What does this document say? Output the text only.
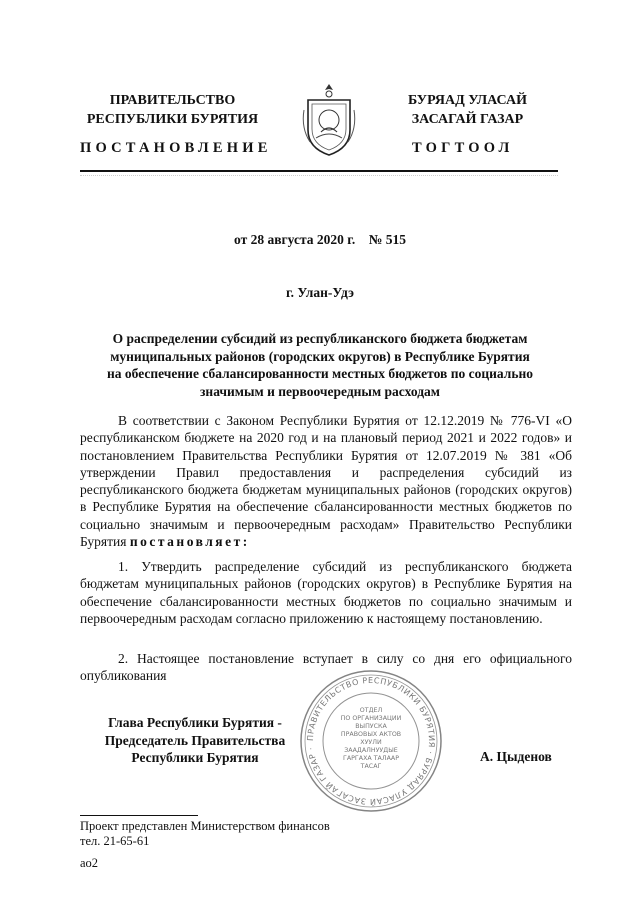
ПРАВИТЕЛЬСТВО
РЕСПУБЛИКИ БУРЯТИЯ
БУРЯАД УЛАСАЙ
ЗАСАГАЙ ГАЗАР
ПОСТАНОВЛЕНИЕ	ТОГТООЛ
от 28 августа 2020 г.    № 515
г. Улан-Удэ
О распределении субсидий из республиканского бюджета бюджетам муниципальных районов (городских округов) в Республике Бурятия на обеспечение сбалансированности местных бюджетов по социально значимым и первоочередным расходам
В соответствии с Законом Республики Бурятия от 12.12.2019 № 776-VI «О республиканском бюджете на 2020 год и на плановый период 2021 и 2022 годов» и постановлением Правительства Республики Бурятия от 12.07.2019 № 381 «Об утверждении Правил предоставления и распределения субсидий из республиканского бюджета бюджетам муниципальных районов (городских округов) в Республике Бурятия на обеспечение сбалансированности местных бюджетов по социально значимым и первоочередным расходам» Правительство Республики Бурятия постановляет:
1. Утвердить распределение субсидий из республиканского бюджета бюджетам муниципальных районов (городских округов) в Республике Бурятия на обеспечение сбалансированности местных бюджетов по социально значимым и первоочередным расходам согласно приложению к настоящему постановлению.
2. Настоящее постановление вступает в силу со дня его официального опубликования
Глава Республики Бурятия -
Председатель Правительства
Республики Бурятия	А. Цыденов
ПРАВИТЕЛЬСТВО РЕСПУБЛИКИ БУРЯТИЯ · БУРЯАД УЛАСАЙ ЗАСАГАЙ ГАЗАР ·
ОТДЕЛ
ПО ОРГАНИЗАЦИИ
ВЫПУСКА
ПРАВОВЫХ АКТОВ
ХУУЛИ
ЗААДАЛНУУДЫЕ
ГАРГАХА ТАЛААР
ТАСАГ
Проект представлен Министерством финансов
тел. 21-65-61
ао2
